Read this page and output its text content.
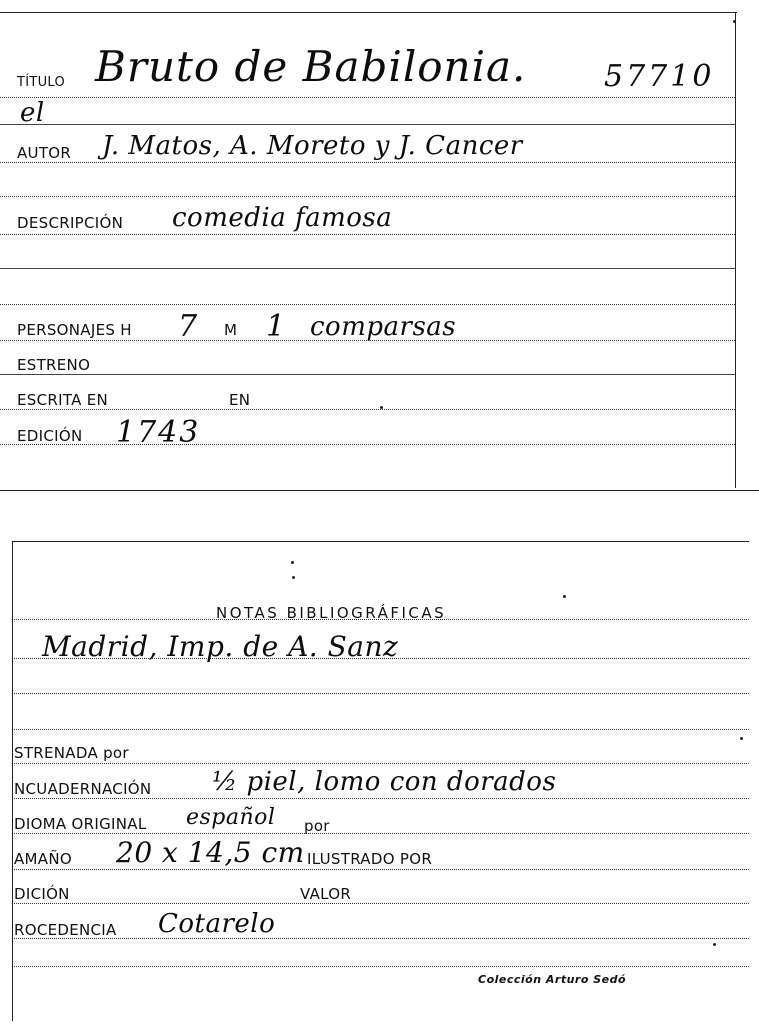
TÍTULO Bruto de Babilonia.	57710
el
AUTOR J. Matos, A. Moreto y J. Cancer
DESCRIPCIÓN comedia famosa
PERSONAJES H 7 M 1 comparsas
ESTRENO
ESCRITA EN	EN
EDICIÓN 1743
NOTAS BIBLIOGRÁFICAS
Madrid, Imp. de A. Sanz
STRENADA por
NCUADERNACIÓN ½ piel, lomo con dorados
DIOMA ORIGINAL español por
AMAÑO 20 x 14,5 cm ILUSTRADO POR
DICIÓN	VALOR
ROCEDENCIA Cotarelo
Colección Arturo Sedó
